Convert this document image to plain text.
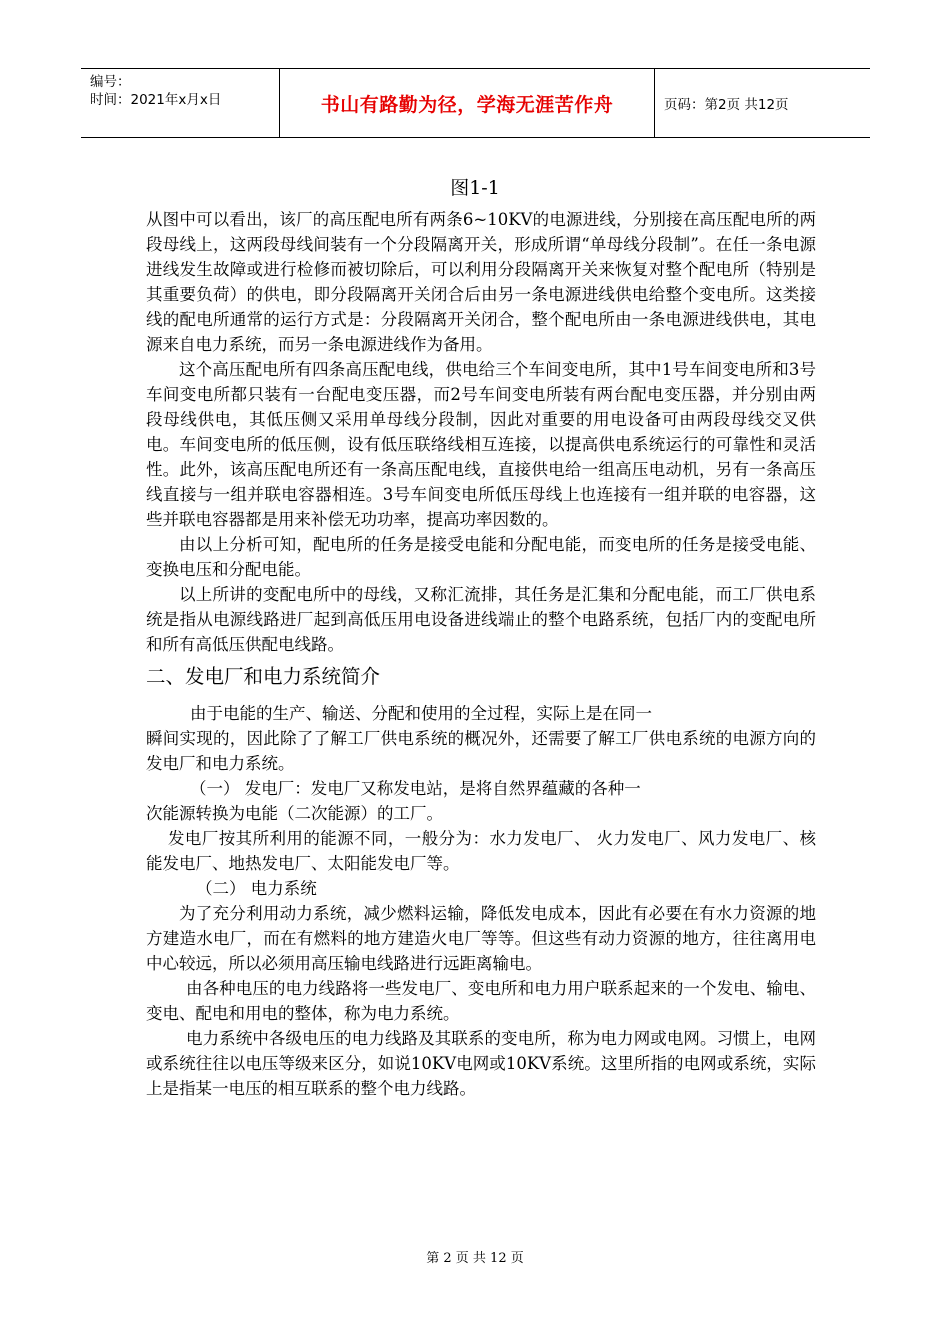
编号：
时间：2021年x月x日	书山有路勤为径，学海无涯苦作舟	页码：第2页 共12页
图1-1

从图中可以看出，该厂的高压配电所有两条6~10KV的电源进线，分别接在高压配电所的两段母线上，这两段母线间装有一个分段隔离开关，形成所谓“单母线分段制”。在任一条电源进线发生故障或进行检修而被切除后，可以利用分段隔离开关来恢复对整个配电所（特别是其重要负荷）的供电，即分段隔离开关闭合后由另一条电源进线供电给整个变电所。这类接线的配电所通常的运行方式是：分段隔离开关闭合，整个配电所由一条电源进线供电，其电源来自电力系统，而另一条电源进线作为备用。

这个高压配电所有四条高压配电线，供电给三个车间变电所，其中1号车间变电所和3号车间变电所都只装有一台配电变压器，而2号车间变电所装有两台配电变压器，并分别由两段母线供电，其低压侧又采用单母线分段制，因此对重要的用电设备可由两段母线交叉供电。车间变电所的低压侧，设有低压联络线相互连接，以提高供电系统运行的可靠性和灵活性。此外，该高压配电所还有一条高压配电线，直接供电给一组高压电动机，另有一条高压线直接与一组并联电容器相连。3号车间变电所低压母线上也连接有一组并联的电容器，这些并联电容器都是用来补偿无功功率，提高功率因数的。

由以上分析可知，配电所的任务是接受电能和分配电能，而变电所的任务是接受电能、变换电压和分配电能。

以上所讲的变配电所中的母线，又称汇流排，其任务是汇集和分配电能，而工厂供电系统是指从电源线路进厂起到高低压用电设备进线端止的整个电路系统，包括厂内的变配电所和所有高低压供配电线路。

二、发电厂和电力系统简介

由于电能的生产、输送、分配和使用的全过程，实际上是在同一

瞬间实现的，因此除了了解工厂供电系统的概况外，还需要了解工厂供电系统的电源方向的发电厂和电力系统。

（一） 发电厂：发电厂又称发电站，是将自然界蕴藏的各种一

次能源转换为电能（二次能源）的工厂。

发电厂按其所利用的能源不同，一般分为：水力发电厂、 火力发电厂、风力发电厂、核能发电厂、地热发电厂、太阳能发电厂等。

（二） 电力系统

为了充分利用动力系统，减少燃料运输，降低发电成本，因此有必要在有水力资源的地方建造水电厂，而在有燃料的地方建造火电厂等等。但这些有动力资源的地方，往往离用电中心较远，所以必须用高压输电线路进行远距离输电。

由各种电压的电力线路将一些发电厂、变电所和电力用户联系起来的一个发电、输电、变电、配电和用电的整体，称为电力系统。

电力系统中各级电压的电力线路及其联系的变电所，称为电力网或电网。习惯上，电网或系统往往以电压等级来区分，如说10KV电网或10KV系统。这里所指的电网或系统，实际上是指某一电压的相互联系的整个电力线路。

第 2 页 共 12 页
